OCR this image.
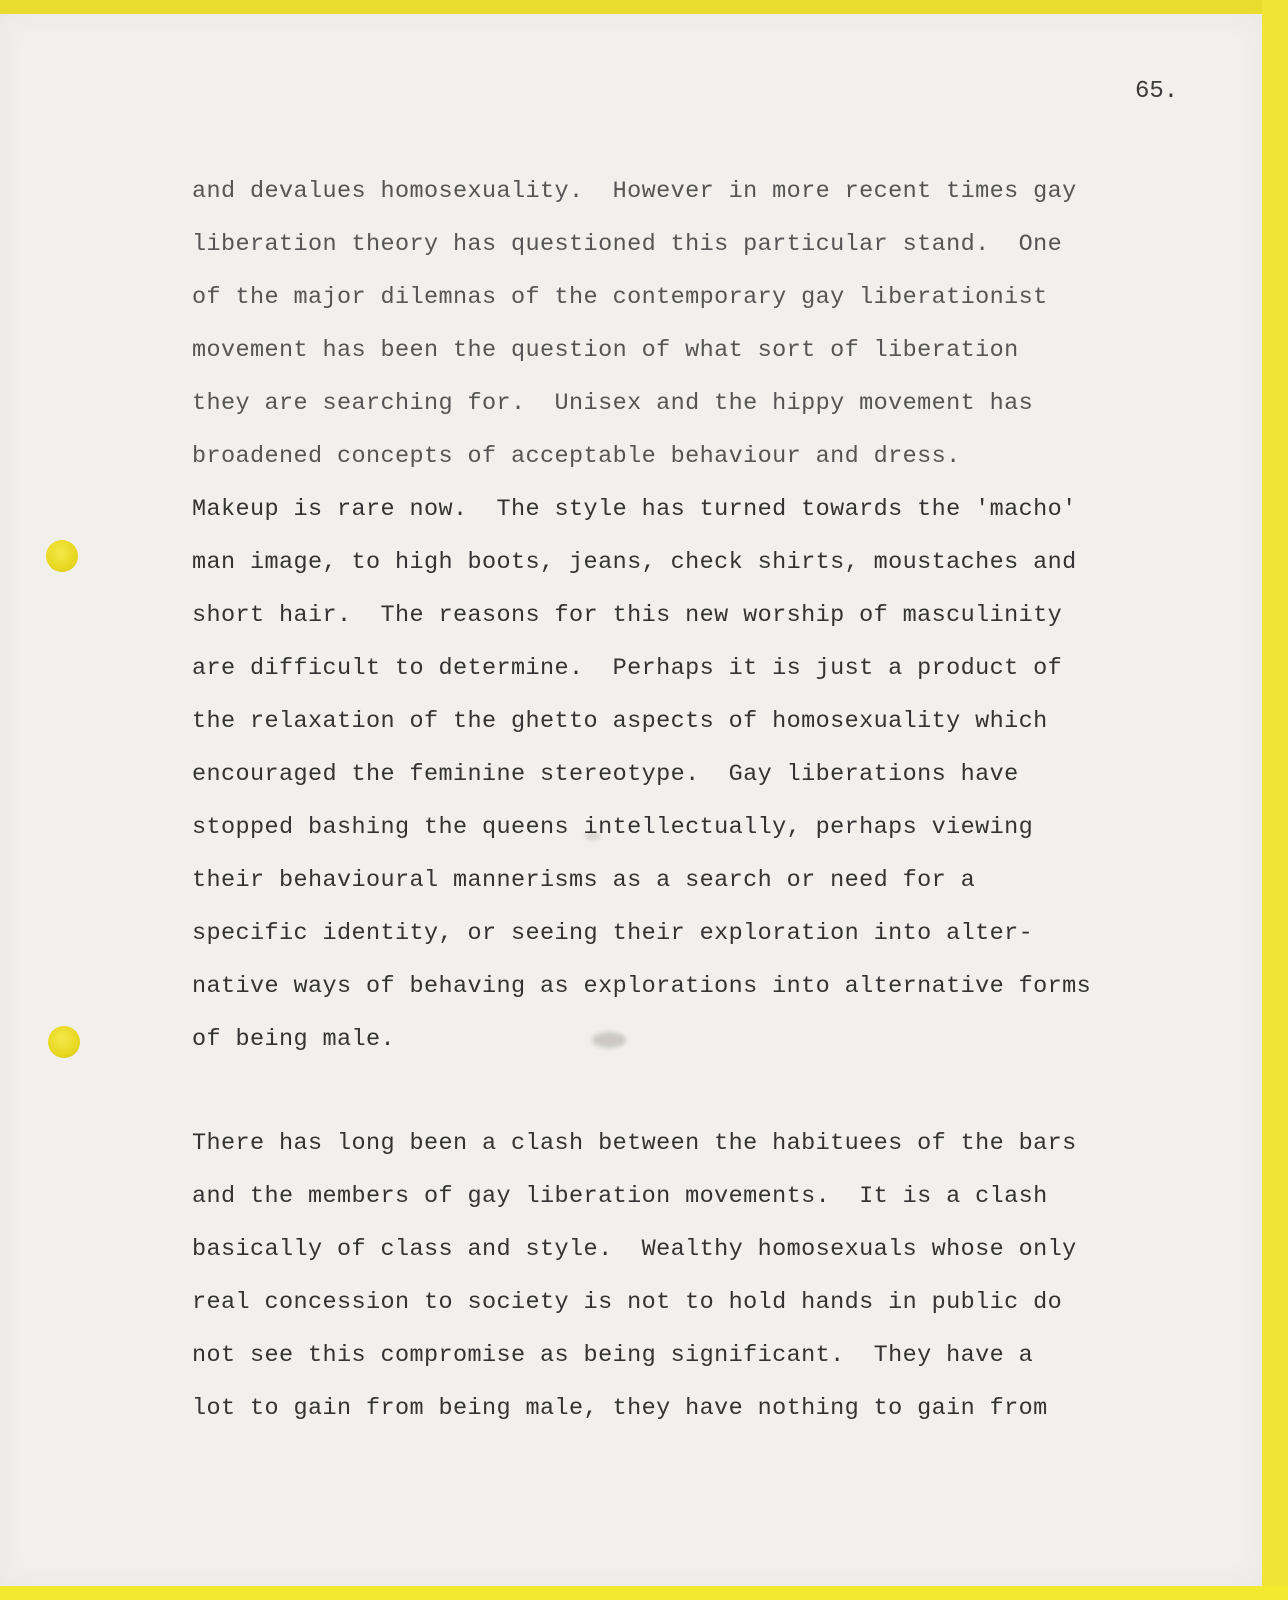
65.

and devalues homosexuality.  However in more recent times gay
liberation theory has questioned this particular stand.  One
of the major dilemnas of the contemporary gay liberationist
movement has been the question of what sort of liberation
they are searching for.  Unisex and the hippy movement has
broadened concepts of acceptable behaviour and dress.
Makeup is rare now.  The style has turned towards the 'macho'
man image, to high boots, jeans, check shirts, moustaches and
short hair.  The reasons for this new worship of masculinity
are difficult to determine.  Perhaps it is just a product of
the relaxation of the ghetto aspects of homosexuality which
encouraged the feminine stereotype.  Gay liberations have
stopped bashing the queens intellectually, perhaps viewing
their behavioural mannerisms as a search or need for a
specific identity, or seeing their exploration into alter-
native ways of behaving as explorations into alternative forms
of being male.
There has long been a clash between the habituees of the bars
and the members of gay liberation movements.  It is a clash
basically of class and style.  Wealthy homosexuals whose only
real concession to society is not to hold hands in public do
not see this compromise as being significant.  They have a
lot to gain from being male, they have nothing to gain from
